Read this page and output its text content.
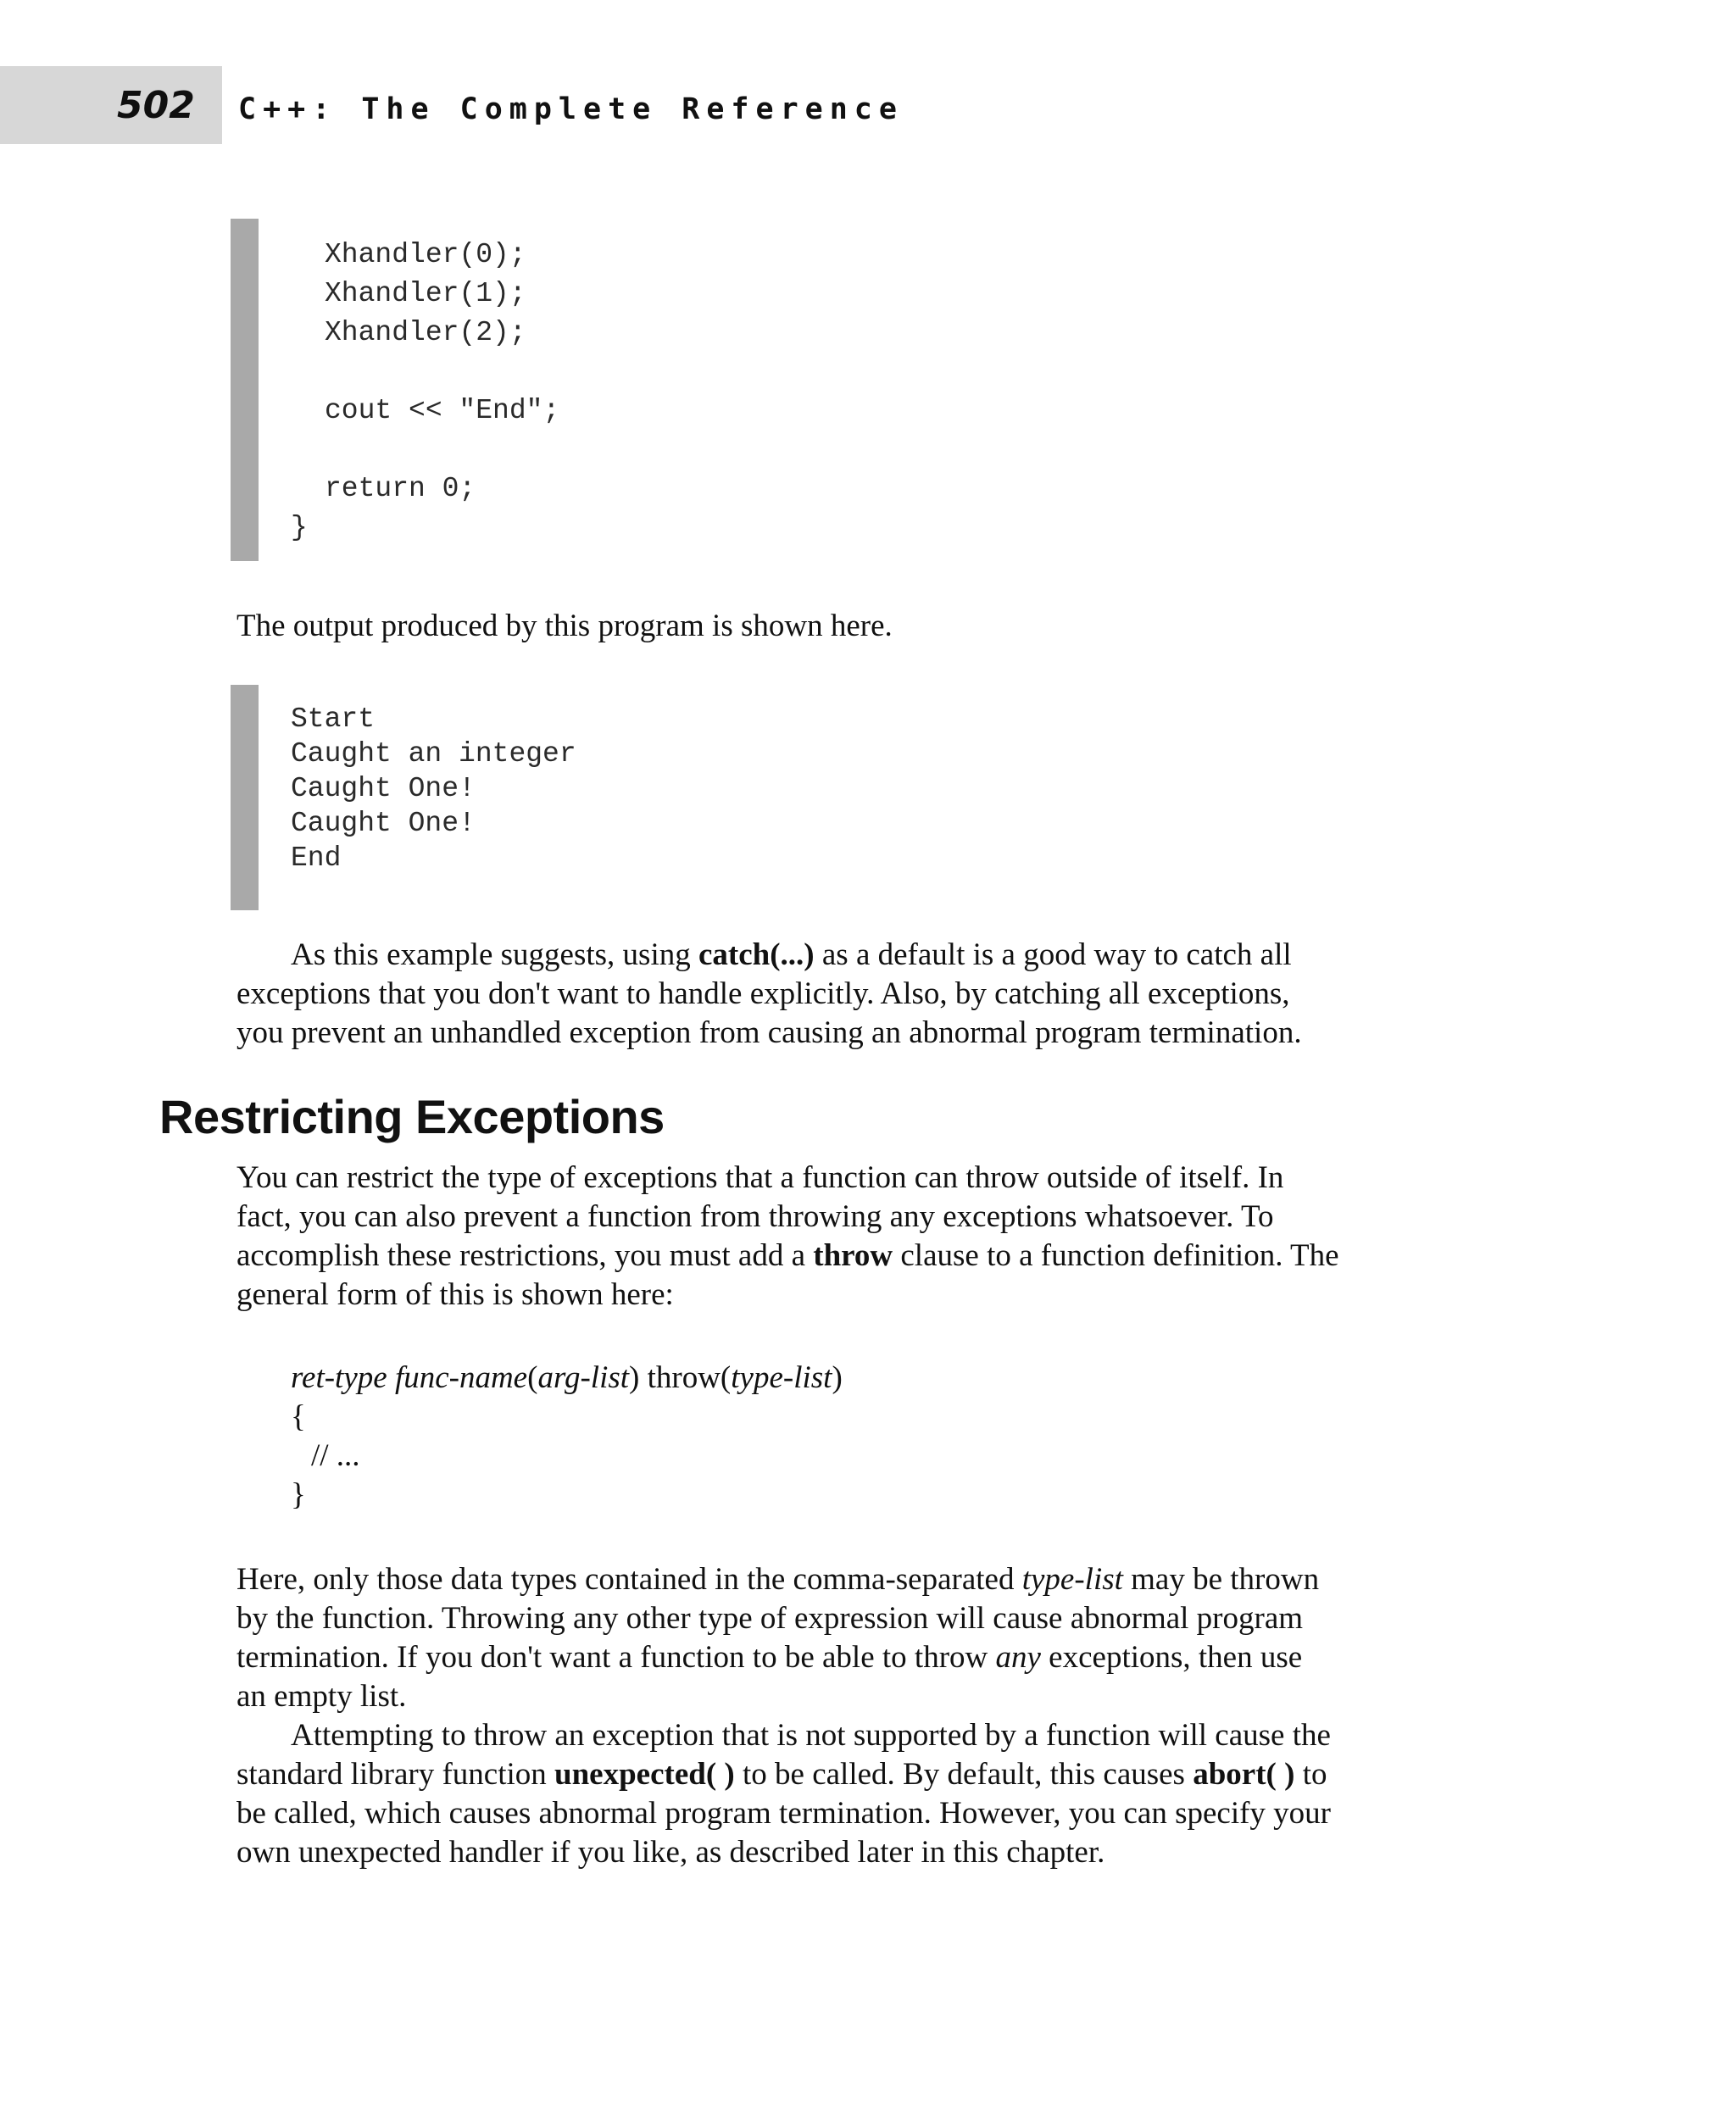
502 C++: The Complete Reference
Xhandler(0);
Xhandler(1);
Xhandler(2);
cout << "End";
return 0;
}
The output produced by this program is shown here.
Start
Caught an integer
Caught One!
Caught One!
End
As this example suggests, using catch(...) as a default is a good way to catch all
exceptions that you don't want to handle explicitly. Also, by catching all exceptions,
you prevent an unhandled exception from causing an abnormal program termination.
Restricting Exceptions
You can restrict the type of exceptions that a function can throw outside of itself. In
fact, you can also prevent a function from throwing any exceptions whatsoever. To
accomplish these restrictions, you must add a throw clause to a function definition. The
general form of this is shown here:
ret-type func-name(arg-list) throw(type-list)
{
// ...
}
Here, only those data types contained in the comma-separated type-list may be thrown
by the function. Throwing any other type of expression will cause abnormal program
termination. If you don't want a function to be able to throw any exceptions, then use
an empty list.
Attempting to throw an exception that is not supported by a function will cause the
standard library function unexpected( ) to be called. By default, this causes abort( ) to
be called, which causes abnormal program termination. However, you can specify your
own unexpected handler if you like, as described later in this chapter.
